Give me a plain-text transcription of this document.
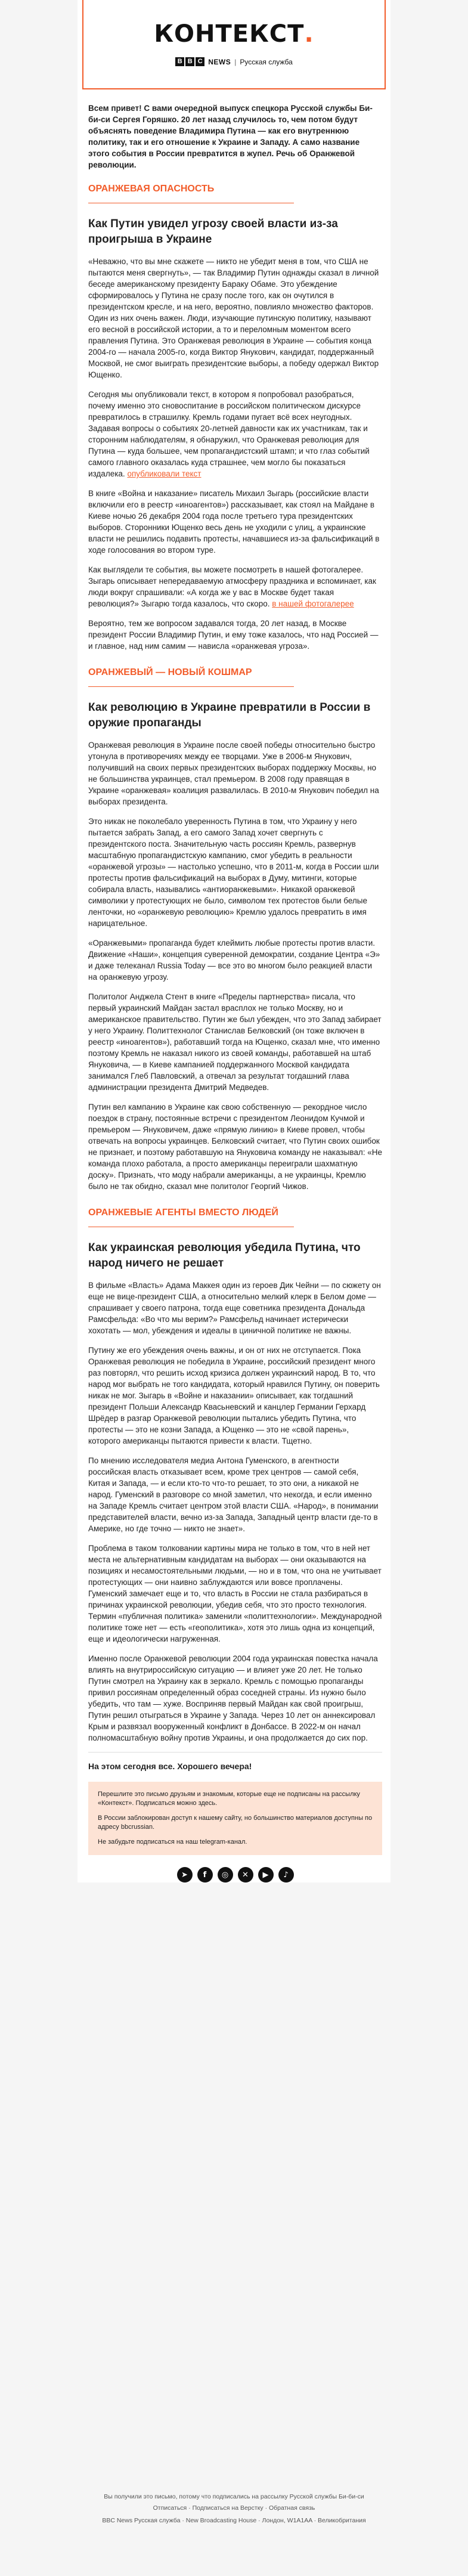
КОНТЕКСТ.
B B C NEWS | Русская служба

Всем привет! С вами очередной выпуск спецкора Русской службы Би-би-си Сергея Горяшко. 20 лет назад случилось то, чем потом будут объяснять поведение Владимира Путина — как его внутреннюю политику, так и его отношение к Украине и Западу. А само название этого события в России превратится в жупел. Речь об Оранжевой революции.

ОРАНЖЕВАЯ ОПАСНОСТЬ
Как Путин увидел угрозу своей власти из-за проигрыша в Украине

«Неважно, что вы мне скажете — никто не убедит меня в том, что США не пытаются меня свергнуть», — так Владимир Путин однажды сказал в личной беседе американскому президенту Бараку Обаме. Это убеждение сформировалось у Путина не сразу после того, как он очутился в президентском кресле, и на него, вероятно, повлияло множество факторов. Один из них очень важен. Люди, изучающие путинскую политику, называют его весной в российской истории, а то и переломным моментом всего правления Путина. Это Оранжевая революция в Украине — события конца 2004-го — начала 2005-го, когда Виктор Янукович, кандидат, поддержанный Москвой, не смог выиграть президентские выборы, а победу одержал Виктор Ющенко.

Сегодня мы опубликовали текст, в котором я попробовал разобраться, почему именно это сновоспитание в российском политическом дискурсе превратилось в страшилку. Кремль годами пугает всё всех неугодных. Задавая вопросы о событиях 20-летней давности как их участникам, так и сторонним наблюдателям, я обнаружил, что Оранжевая революция для Путина — куда большее, чем пропагандистский штамп; и что глаз событий самого главного оказалась куда страшнее, чем могло бы показаться издалека. опубликовали текст

В книге «Война и наказание» писатель Михаил Зыгарь (российские власти включили его в реестр «иноагентов») рассказывает, как стоял на Майдане в Киеве ночью 26 декабря 2004 года после третьего тура президентских выборов. Сторонники Ющенко весь день не уходили с улиц, а украинские власти не решились подавить протесты, начавшиеся из-за фальсификаций в ходе голосования во втором туре.

Как выглядели те события, вы можете посмотреть в нашей фотогалерее. Зыгарь описывает непередаваемую атмосферу праздника и вспоминает, как люди вокруг спрашивали: «А когда же у вас в Москве будет такая революция?» Зыгарю тогда казалось, что скоро. в нашей фотогалерее

Вероятно, тем же вопросом задавался тогда, 20 лет назад, в Москве президент России Владимир Путин, и ему тоже казалось, что над Россией — и главное, над ним самим — нависла «оранжевая угроза».

ОРАНЖЕВЫЙ — НОВЫЙ КОШМАР
Как революцию в Украине превратили в России в оружие пропаганды

Оранжевая революция в Украине после своей победы относительно быстро утонула в противоречиях между ее творцами. Уже в 2006-м Янукович, получивший на своих первых президентских выборах поддержку Москвы, но не большинства украинцев, стал премьером. В 2008 году правящая в Украине «оранжевая» коалиция развалилась. В 2010-м Янукович победил на выборах президента.

Это никак не поколебало уверенность Путина в том, что Украину у него пытается забрать Запад, а его самого Запад хочет свергнуть с президентского поста. Значительную часть россиян Кремль, развернув масштабную пропагандистскую кампанию, смог убедить в реальности «оранжевой угрозы» — настолько успешно, что в 2011-м, когда в России шли протесты против фальсификаций на выборах в Думу, митинги, которые собирала власть, назывались «антиоранжевыми». Никакой оранжевой символики у протестующих не было, символом тех протестов были белые ленточки, но «оранжевую революцию» Кремлю удалось превратить в имя нарицательное.

«Оранжевыми» пропаганда будет клеймить любые протесты против власти. Движение «Наши», концепция суверенной демократии, создание Центра «Э» и даже телеканал Russia Today — все это во многом было реакцией власти на оранжевую угрозу.

Политолог Анджела Стент в книге «Пределы партнерства» писала, что первый украинский Майдан застал врасплох не только Москву, но и американское правительство. Путин же был убежден, что это Запад забирает у него Украину. Политтехнолог Станислав Белковский (он тоже включен в реестр «иноагентов»), работавший тогда на Ющенко, сказал мне, что именно поэтому Кремль не наказал никого из своей команды, работавшей на штаб Януковича, — в Киеве кампанией поддержанного Москвой кандидата занимался Глеб Павловский, а отвечал за результат тогдашний глава администрации президента Дмитрий Медведев.

Путин вел кампанию в Украине как свою собственную — рекордное число поездок в страну, постоянные встречи с президентом Леонидом Кучмой и премьером — Януковичем, даже «прямую линию» в Киеве провел, чтобы отвечать на вопросы украинцев. Белковский считает, что Путин своих ошибок не признает, и поэтому работавшую на Януковича команду не наказывал: «Не команда плохо работала, а просто американцы переиграли шахматную доску». Признать, что моду набрали американцы, а не украинцы, Кремлю было не так обидно, сказал мне политолог Георгий Чижов.

ОРАНЖЕВЫЕ АГЕНТЫ ВМЕСТО ЛЮДЕЙ
Как украинская революция убедила Путина, что народ ничего не решает

В фильме «Власть» Адама Маккея один из героев Дик Чейни — по сюжету он еще не вице-президент США, а относительно мелкий клерк в Белом доме — спрашивает у своего патрона, тогда еще советника президента Дональда Рамсфельда: «Во что мы верим?» Рамсфельд начинает истерически хохотать — мол, убеждения и идеалы в циничной политике не важны.

Путину же его убеждения очень важны, и он от них не отступается. Пока Оранжевая революция не победила в Украине, российский президент много раз повторял, что решить исход кризиса должен украинский народ. В то, что народ мог выбрать не того кандидата, который нравился Путину, он поверить никак не мог. Зыгарь в «Войне и наказании» описывает, как тогдашний президент Польши Александр Квасьневский и канцлер Германии Герхард Шрёдер в разгар Оранжевой революции пытались убедить Путина, что протесты — это не козни Запада, а Ющенко — это не «свой парень», которого американцы пытаются привести к власти. Тщетно.

По мнению исследователя медиа Антона Гуменского, в агентности российская власть отказывает всем, кроме трех центров — самой себя, Китая и Запада, — и если кто-то что-то решает, то это они, а никакой не народ. Гуменский в разговоре со мной заметил, что некогда, и если именно на Западе Кремль считает центром этой власти США. «Народ», в понимании представителей власти, вечно из-за Запада, Западный центр власти где-то в Америке, но где точно — никто не знает».

Проблема в таком толковании картины мира не только в том, что в ней нет места не альтернативным кандидатам на выборах — они оказываются на позициях и несамостоятельными людьми, — но и в том, что она не учитывает протестующих — они наивно заблуждаются или вовсе проплачены. Гуменский замечает еще и то, что власть в России не стала разбираться в причинах украинской революции, убедив себя, что это просто технология. Термин «публичная политика» заменили «политтехнологии». Международной политике тоже нет — есть «геополитика», хотя это лишь одна из концепций, еще и идеологически нагруженная.

Именно после Оранжевой революции 2004 года украинская повестка начала влиять на внутрироссийскую ситуацию — и влияет уже 20 лет. Не только Путин смотрел на Украину как в зеркало. Кремль с помощью пропаганды привил россиянам определенный образ соседней страны. Из нужно было убедить, что там — хуже. Восприняв первый Майдан как свой проигрыш, Путин решил отыграться в Украине у Запада. Через 10 лет он аннексировал Крым и развязал вооруженный конфликт в Донбассе. В 2022-м он начал полномасштабную войну против Украины, и она продолжается до сих пор.

На этом сегодня все. Хорошего вечера!

Перешлите это письмо друзьям и знакомым, которые еще не подписаны на рассылку «Контекст». Подписаться можно здесь.

В России заблокирован доступ к нашему сайту, но большинство материалов доступны по адресу bbcrussian.

Не забудьте подписаться на наш telegram-канал.

➤	f	◎	✕	▶	♪
Вы получили это письмо, потому что подписались на рассылку Русской службы Би-би-си
Отписаться · Подписаться на Верстку · Обратная связь
BBC News Русская служба · New Broadcasting House · Лондон, W1A1AA · Великобритания
